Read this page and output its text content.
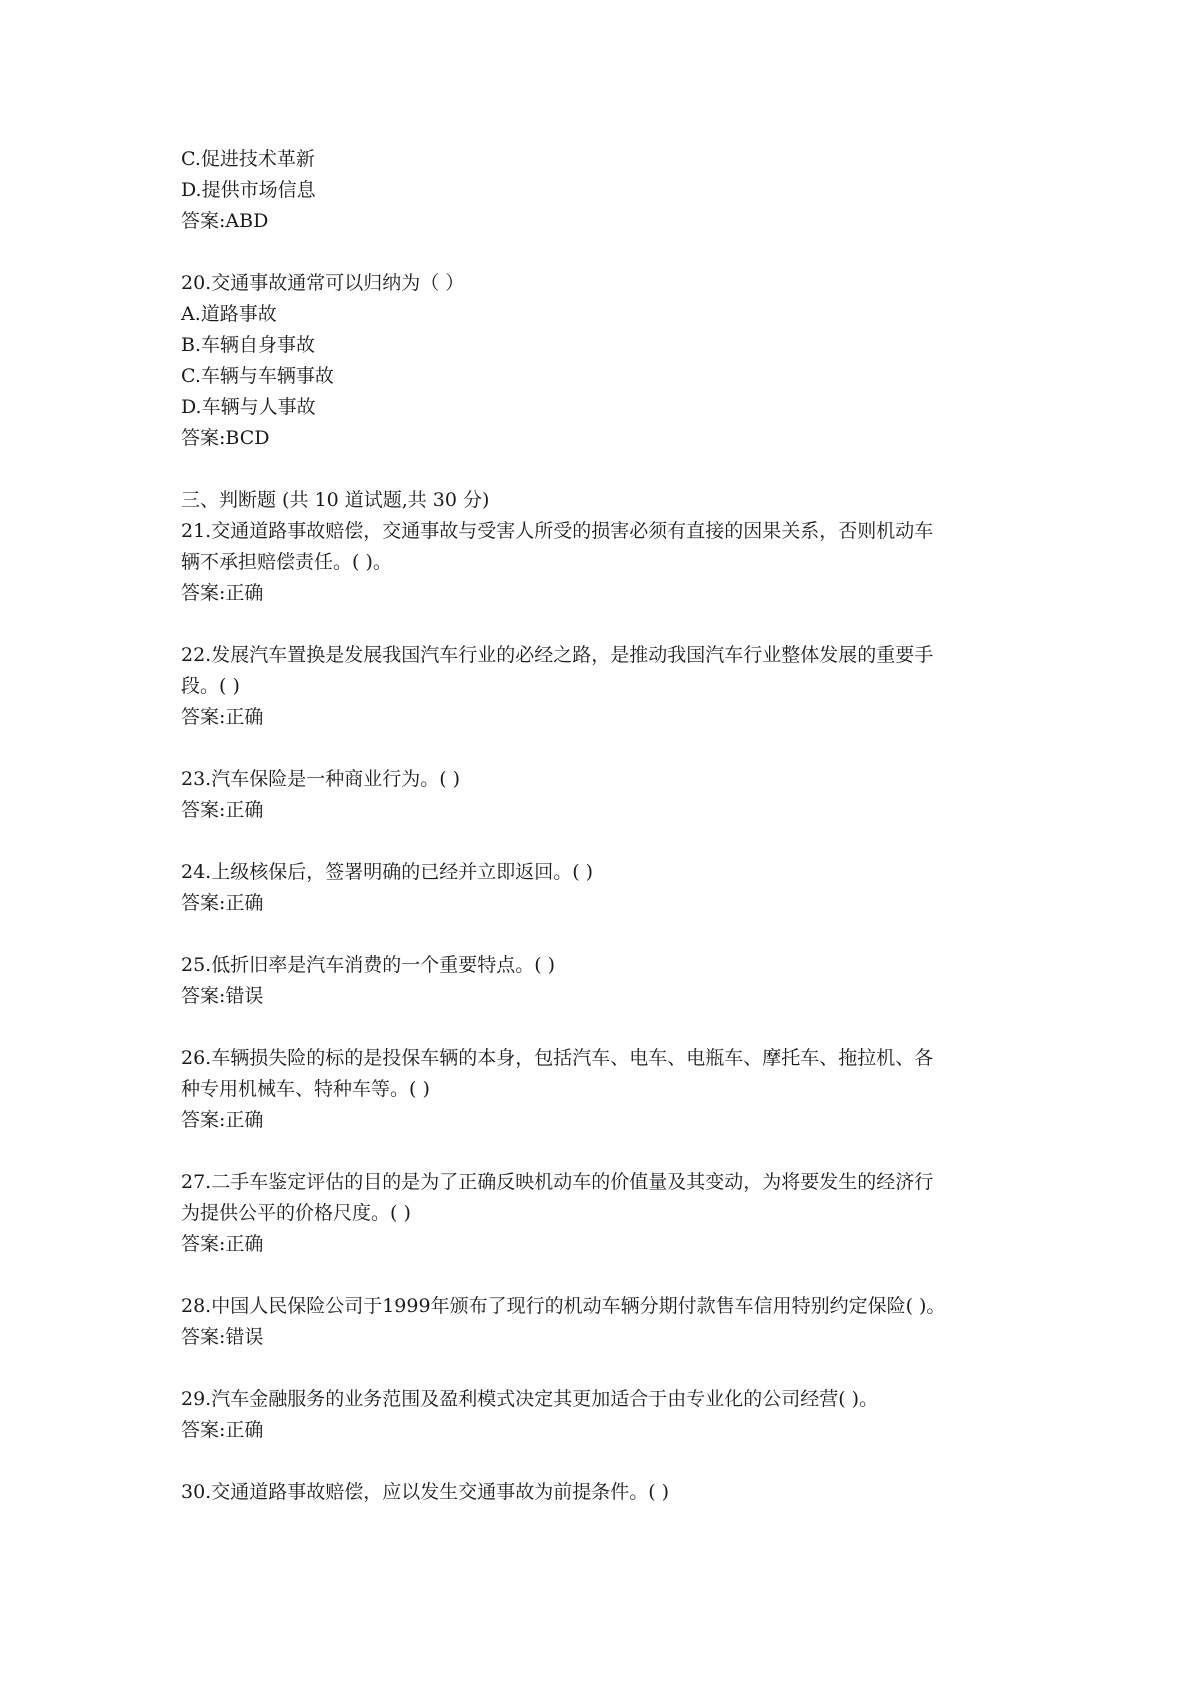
C.促进技术革新
D.提供市场信息
答案:ABD
20.交通事故通常可以归纳为（ ）
A.道路事故
B.车辆自身事故
C.车辆与车辆事故
D.车辆与人事故
答案:BCD
三、判断题 (共 10 道试题,共 30 分)
21.交通道路事故赔偿，交通事故与受害人所受的损害必须有直接的因果关系，否则机动车
辆不承担赔偿责任。( )。
答案:正确
22.发展汽车置换是发展我国汽车行业的必经之路，是推动我国汽车行业整体发展的重要手
段。( )
答案:正确
23.汽车保险是一种商业行为。( )
答案:正确
24.上级核保后，签署明确的已经并立即返回。( )
答案:正确
25.低折旧率是汽车消费的一个重要特点。( )
答案:错误
26.车辆损失险的标的是投保车辆的本身，包括汽车、电车、电瓶车、摩托车、拖拉机、各
种专用机械车、特种车等。( )
答案:正确
27.二手车鉴定评估的目的是为了正确反映机动车的价值量及其变动，为将要发生的经济行
为提供公平的价格尺度。( )
答案:正确
28.中国人民保险公司于1999年颁布了现行的机动车辆分期付款售车信用特别约定保险( )。
答案:错误
29.汽车金融服务的业务范围及盈利模式决定其更加适合于由专业化的公司经营( )。
答案:正确
30.交通道路事故赔偿，应以发生交通事故为前提条件。( )
